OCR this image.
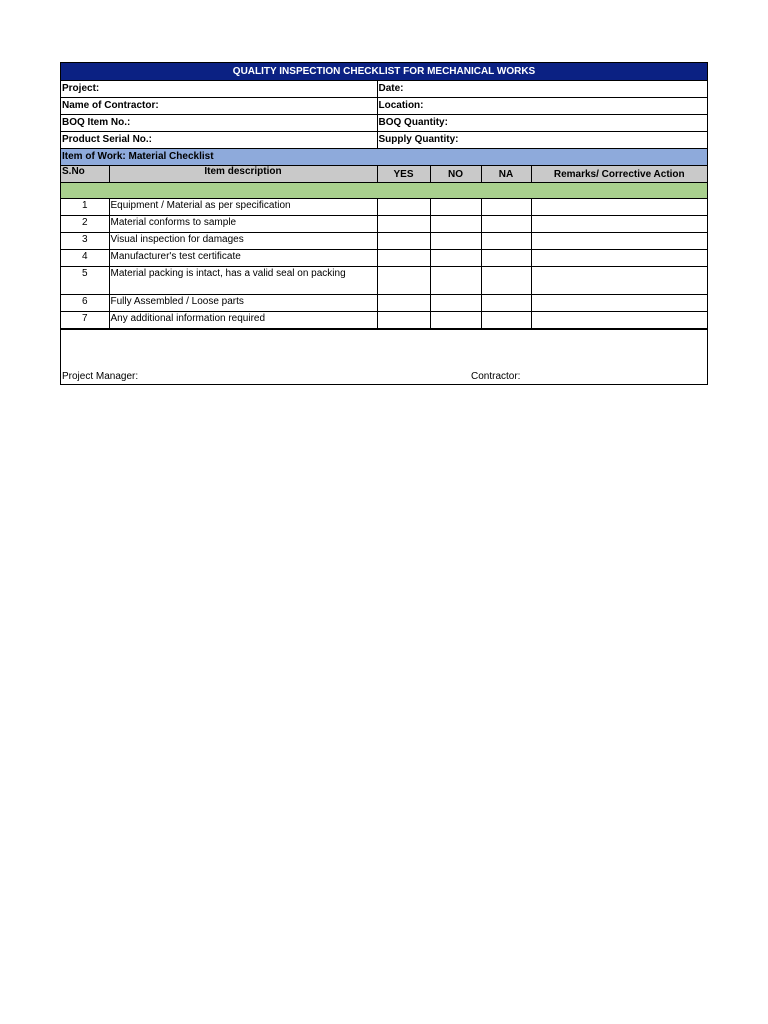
QUALITY INSPECTION CHECKLIST FOR MECHANICAL WORKS					
Project:		Date:			
Name of Contractor:		Location:			
BOQ Item No.:		BOQ Quantity:			
Product Serial No.:		Supply Quantity:			
Item of Work: Material Checklist					
S.No	Item description	YES	NO	NA	Remarks/ Corrective Action

1	Equipment / Material as per specification				
2	Material conforms to sample				
3	Visual inspection for damages				
4	Manufacturer's test certificate				
5	Material packing is intact, has a valid seal on packing				
6	Fully Assembled / Loose parts				
7	Any additional information required				
Project Manager:	Contractor:
